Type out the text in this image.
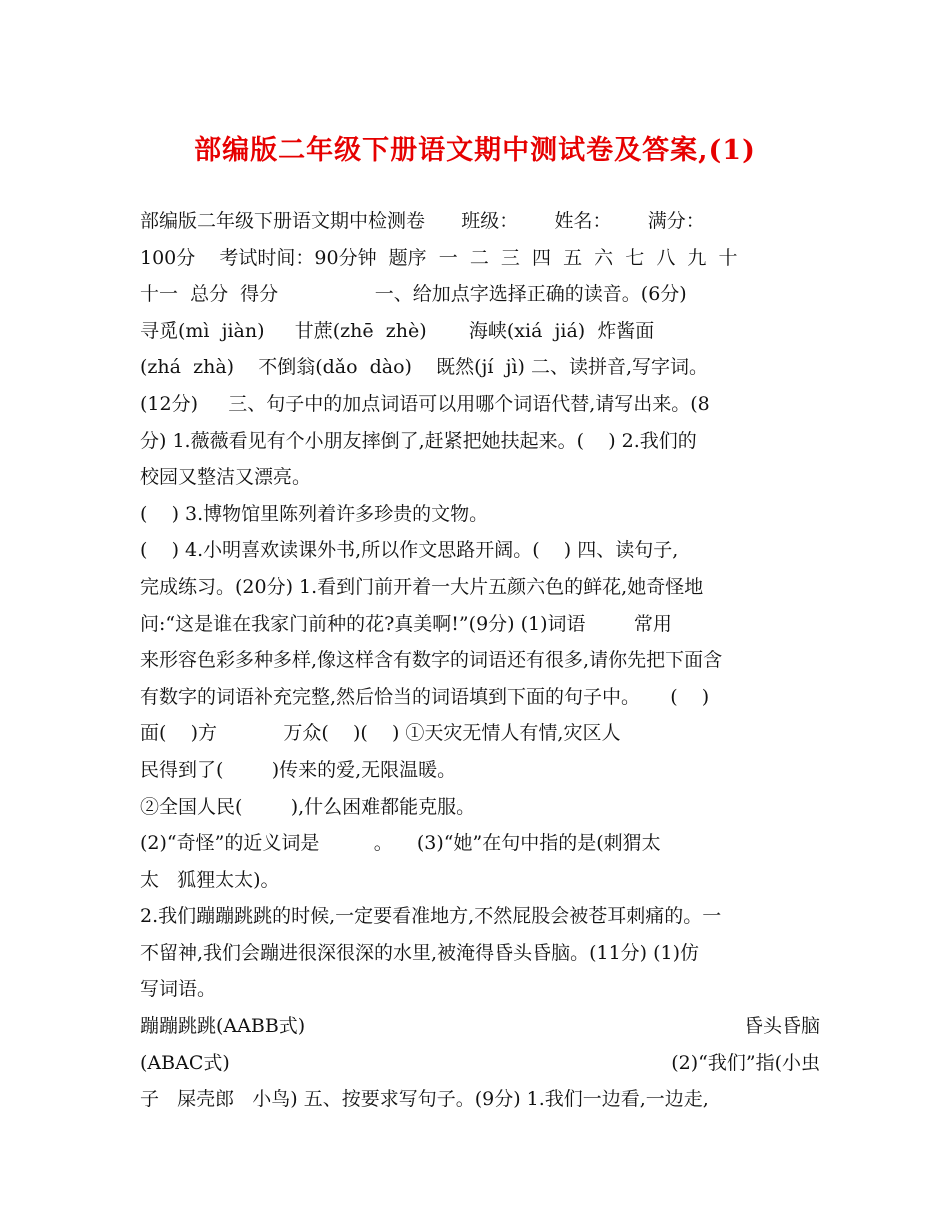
部编版二年级下册语文期中测试卷及答案,(1)
部编版二年级下册语文期中检测卷      班级：      姓名：      满分：
100分    考试时间：90分钟  题序  一  二  三  四  五  六  七  八  九  十
十一  总分  得分                一、给加点字选择正确的读音。(6分)
寻觅(mì  jiàn)     甘蔗(zhē  zhè)       海峡(xiá  jiá)  炸酱面
(zhá  zhà)    不倒翁(dǎo  dào)    既然(jí  jì) 二、读拼音,写字词。
(12分)     三、句子中的加点词语可以用哪个词语代替,请写出来。(8
分) 1.薇薇看见有个小朋友摔倒了,赶紧把她扶起来。(    ) 2.我们的
校园又整洁又漂亮。
(    ) 3.博物馆里陈列着许多珍贵的文物。
(    ) 4.小明喜欢读课外书,所以作文思路开阔。(    ) 四、读句子,
完成练习。(20分) 1.看到门前开着一大片五颜六色的鲜花,她奇怪地
问:“这是谁在我家门前种的花?真美啊!”(9分) (1)词语        常用
来形容色彩多种多样,像这样含有数字的词语还有很多,请你先把下面含
有数字的词语补充完整,然后恰当的词语填到下面的句子中。     (    )
面(    )方           万众(    )(    ) ①天灾无情人有情,灾区人
民得到了(        )传来的爱,无限温暖。
②全国人民(        ),什么困难都能克服。
(2)“奇怪”的近义词是         。    (3)“她”在句中指的是(刺猬太
太   狐狸太太)。
2.我们蹦蹦跳跳的时候,一定要看准地方,不然屁股会被苍耳刺痛的。一
不留神,我们会蹦进很深很深的水里,被淹得昏头昏脑。(11分) (1)仿
写词语。
蹦蹦跳跳(AABB式)	昏头昏脑
(ABAC式)	(2)“我们”指(小虫
子   屎壳郎   小鸟) 五、按要求写句子。(9分) 1.我们一边看,一边走,
